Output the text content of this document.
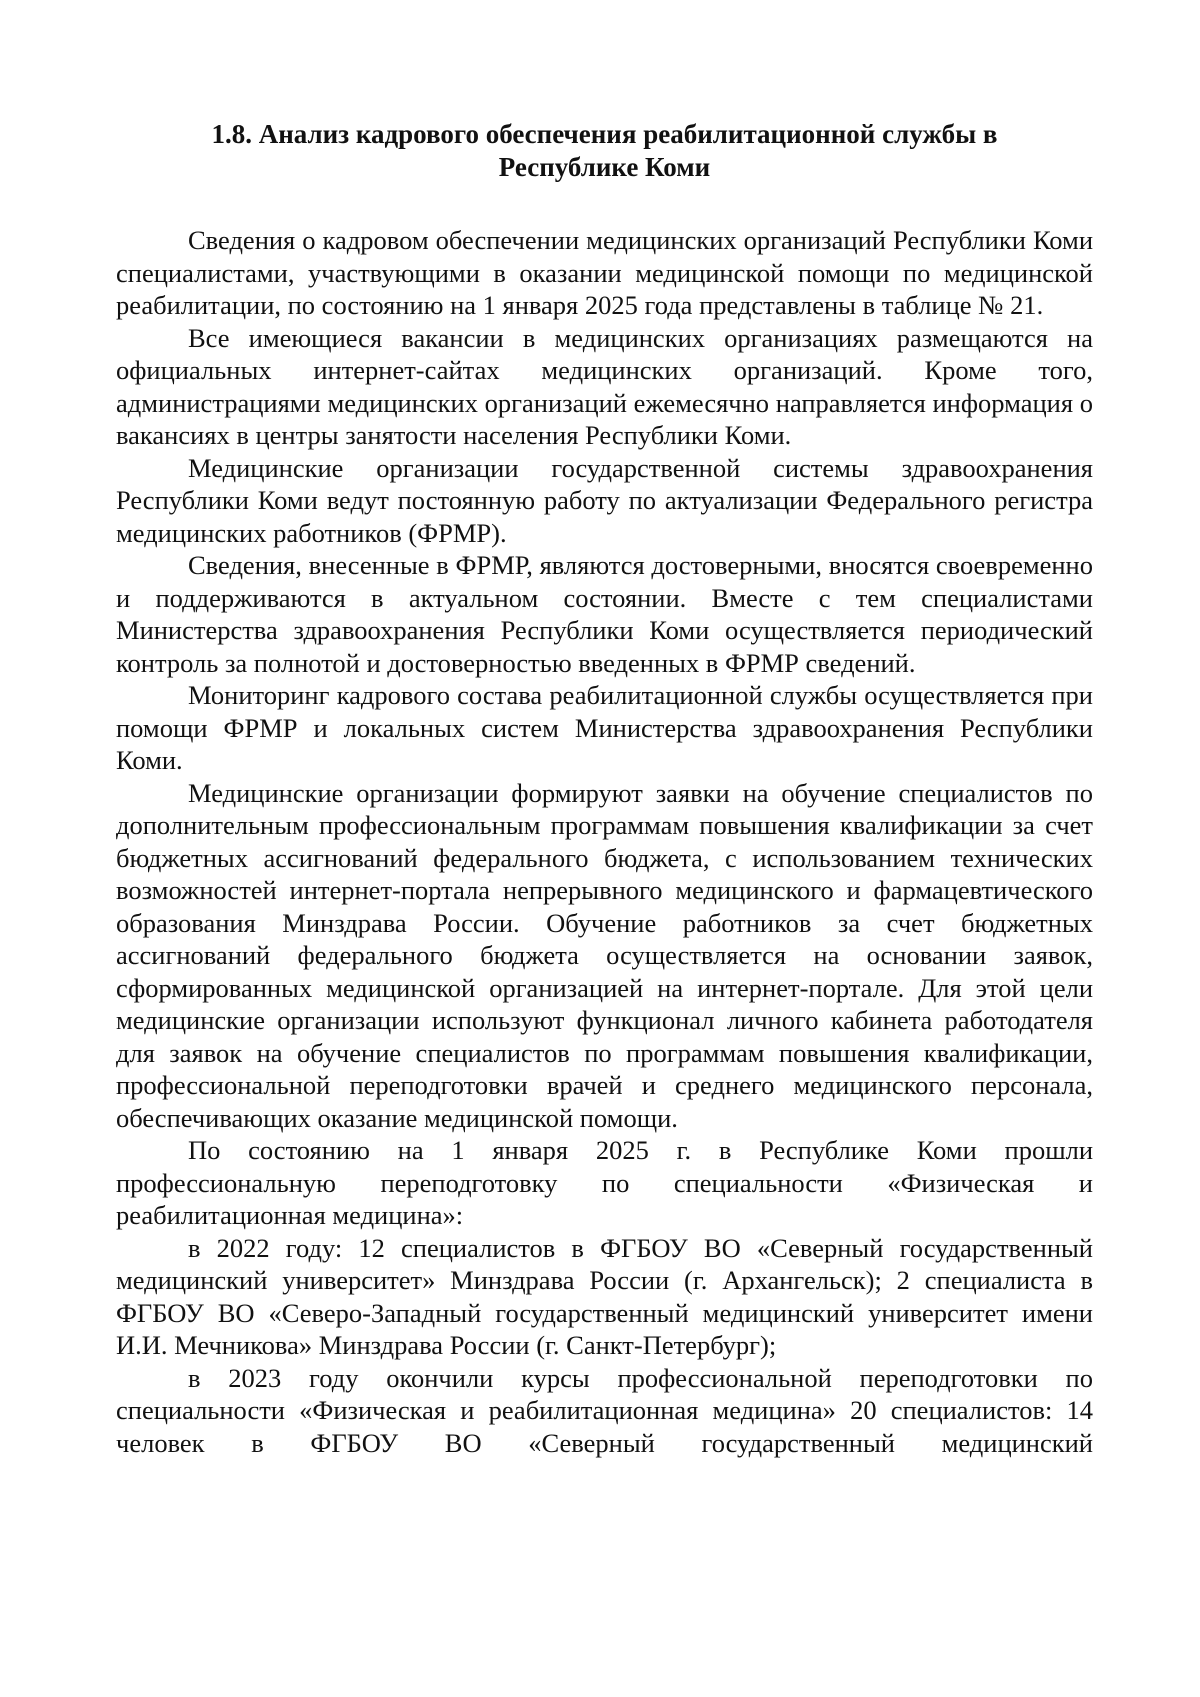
1.8. Анализ кадрового обеспечения реабилитационной службы в
Республике Коми

Сведения о кадровом обеспечении медицинских организаций Республики Коми специалистами, участвующими в оказании медицинской помощи по медицинской реабилитации, по состоянию на 1 января 2025 года представлены в таблице № 21.

Все имеющиеся вакансии в медицинских организациях размещаются на официальных интернет-сайтах медицинских организаций. Кроме того, администрациями медицинских организаций ежемесячно направляется информация о вакансиях в центры занятости населения Республики Коми.

Медицинские организации государственной системы здравоохранения Республики Коми ведут постоянную работу по актуализации Федерального регистра медицинских работников (ФРМР).

Сведения, внесенные в ФРМР, являются достоверными, вносятся своевременно и поддерживаются в актуальном состоянии. Вместе с тем специалистами Министерства здравоохранения Республики Коми осуществляется периодический контроль за полнотой и достоверностью введенных в ФРМР сведений.

Мониторинг кадрового состава реабилитационной службы осуществляется при помощи ФРМР и локальных систем Министерства здравоохранения Республики Коми.

Медицинские организации формируют заявки на обучение специалистов по дополнительным профессиональным программам повышения квалификации за счет бюджетных ассигнований федерального бюджета, с использованием технических возможностей интернет-портала непрерывного медицинского и фармацевтического образования Минздрава России. Обучение работников за счет бюджетных ассигнований федерального бюджета осуществляется на основании заявок, сформированных медицинской организацией на интернет-портале. Для этой цели медицинские организации используют функционал личного кабинета работодателя для заявок на обучение специалистов по программам повышения квалификации, профессиональной переподготовки врачей и среднего медицинского персонала, обеспечивающих оказание медицинской помощи.

По состоянию на 1 января 2025 г. в Республике Коми прошли профессиональную переподготовку по специальности «Физическая и реабилитационная медицина»:

в 2022 году: 12 специалистов в ФГБОУ ВО «Северный государственный медицинский университет» Минздрава России (г. Архангельск); 2 специалиста в ФГБОУ ВО «Северо-Западный государственный медицинский университет имени И.И. Мечникова» Минздрава России (г. Санкт-Петербург);

в 2023 году окончили курсы профессиональной переподготовки по специальности «Физическая и реабилитационная медицина» 20 специалистов: 14 человек в ФГБОУ ВО «Северный государственный медицинский
